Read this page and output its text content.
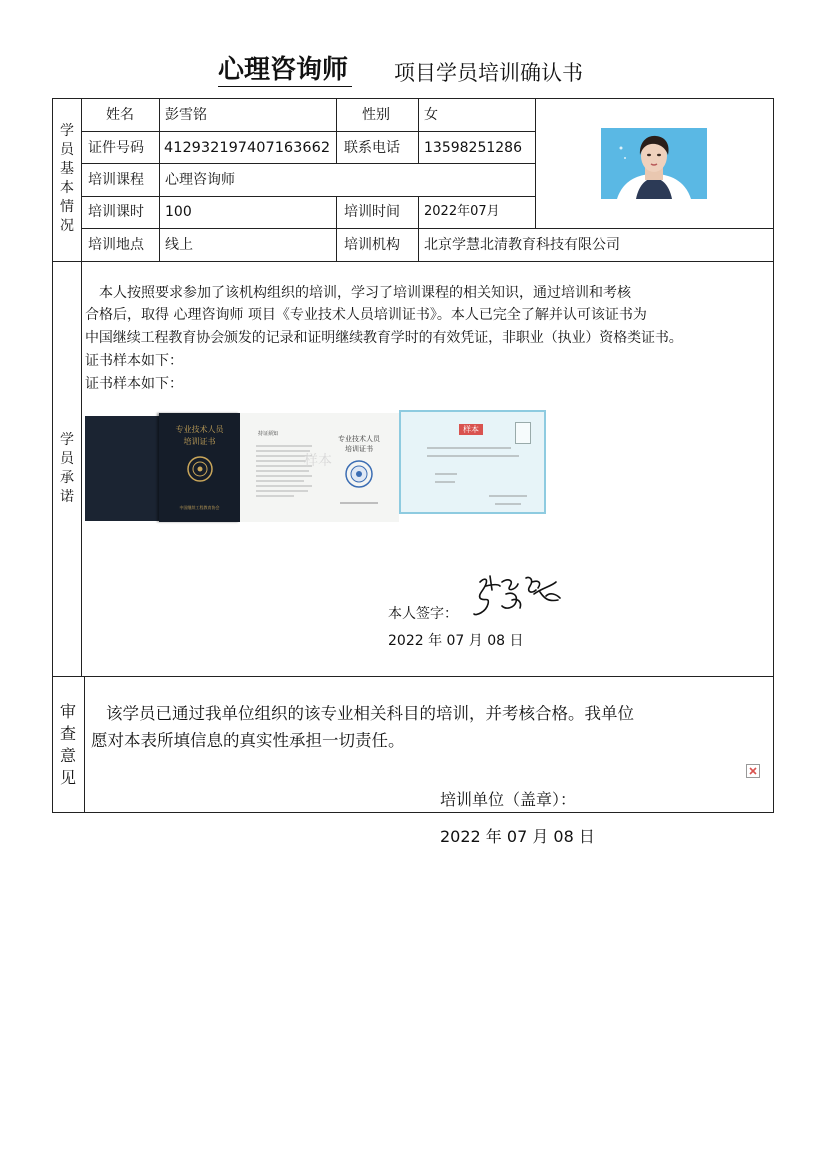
心理咨询师 项目学员培训确认书
学员基本情况
学员承诺
审查意见
姓名 彭雪铭	性别 女
证件号码 412932197407163662 联系电话 13598251286
培训课程 心理咨询师
培训课时 100	培训时间 2022年07月
培训地点 线上	培训机构 北京学慧北清教育科技有限公司
本人按照要求参加了该机构组织的培训，学习了培训课程的相关知识，通过培训和考核
合格后，取得 心理咨询师 项目《专业技术人员培训证书》。本人已完全了解并认可该证书为
中国继续工程教育协会颁发的记录和证明继续教育学时的有效凭证，非职业（执业）资格类证书。
证书样本如下：
证书样本如下：
专业技术人员
培训证书
中国继续工程教育协会
持证须知
专业技术人员
培训证书
样本
样本
本人签字：
2022 年 07 月 08 日
该学员已通过我单位组织的该专业相关科目的培训，并考核合格。我单位
愿对本表所填信息的真实性承担一切责任。
培训单位（盖章）：
2022 年 07 月 08 日
